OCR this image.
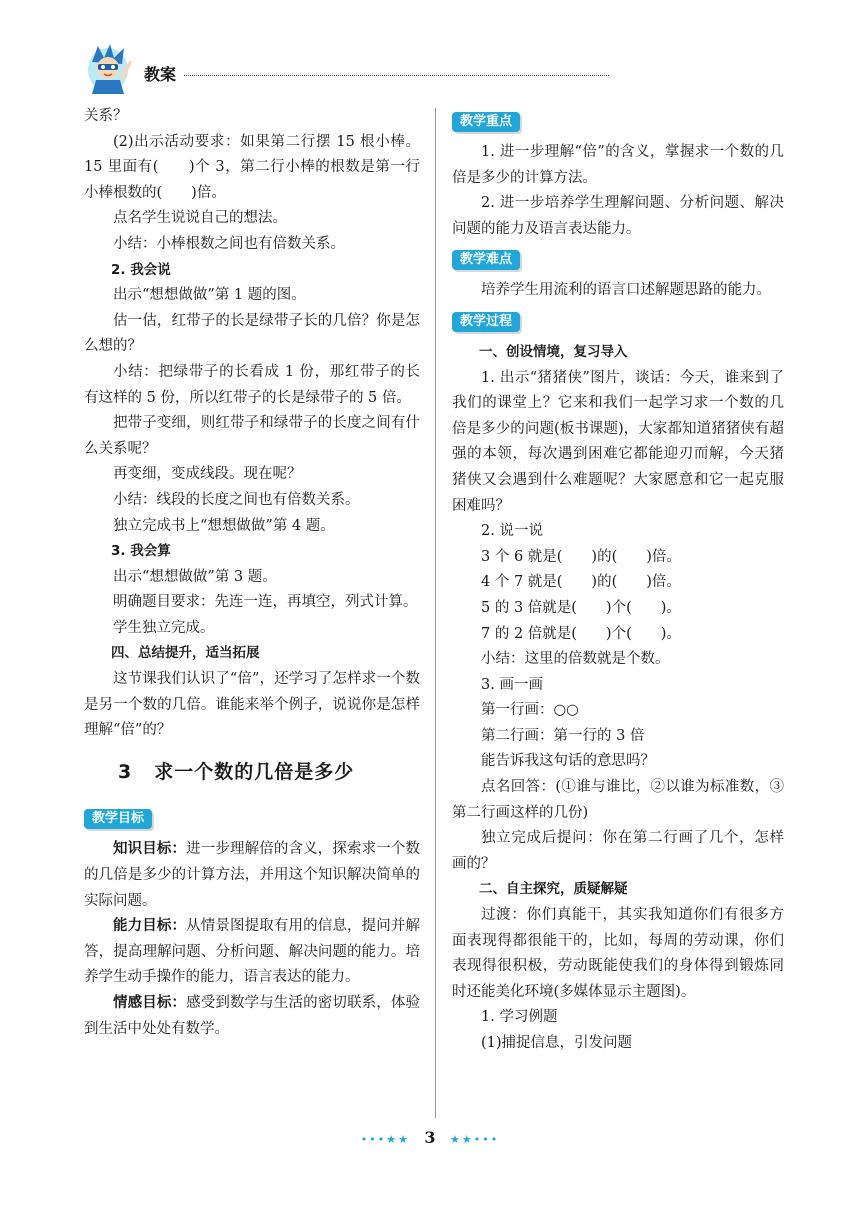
教案

关系？

(2)出示活动要求：如果第二行摆 15 根小棒。15 里面有(　　)个 3，第二行小棒的根数是第一行小棒根数的(　　)倍。

点名学生说说自己的想法。

小结：小棒根数之间也有倍数关系。

2. 我会说

出示“想想做做”第 1 题的图。

估一估，红带子的长是绿带子长的几倍？你是怎么想的？

小结：把绿带子的长看成 1 份，那红带子的长有这样的 5 份，所以红带子的长是绿带子的 5 倍。

把带子变细，则红带子和绿带子的长度之间有什么关系呢？

再变细，变成线段。现在呢？

小结：线段的长度之间也有倍数关系。

独立完成书上“想想做做”第 4 题。

3. 我会算

出示“想想做做”第 3 题。

明确题目要求：先连一连，再填空，列式计算。

学生独立完成。

四、总结提升，适当拓展

这节课我们认识了“倍”，还学习了怎样求一个数是另一个数的几倍。谁能来举个例子，说说你是怎样理解“倍”的？

3 求一个数的几倍是多少
教学目标

知识目标：进一步理解倍的含义，探索求一个数的几倍是多少的计算方法，并用这个知识解决简单的实际问题。

能力目标：从情景图提取有用的信息，提问并解答，提高理解问题、分析问题、解决问题的能力。培养学生动手操作的能力，语言表达的能力。

情感目标：感受到数学与生活的密切联系，体验到生活中处处有数学。

教学重点

1. 进一步理解“倍”的含义，掌握求一个数的几倍是多少的计算方法。

2. 进一步培养学生理解问题、分析问题、解决问题的能力及语言表达能力。

教学难点

培养学生用流利的语言口述解题思路的能力。

教学过程

一、创设情境，复习导入

1. 出示“猪猪侠”图片，谈话：今天，谁来到了我们的课堂上？它来和我们一起学习求一个数的几倍是多少的问题(板书课题)，大家都知道猪猪侠有超强的本领，每次遇到困难它都能迎刃而解，今天猪猪侠又会遇到什么难题呢？大家愿意和它一起克服困难吗？

2. 说一说

3 个 6 就是(　　)的(　　)倍。

4 个 7 就是(　　)的(　　)倍。

5 的 3 倍就是(　　)个(　　)。

7 的 2 倍就是(　　)个(　　)。

小结：这里的倍数就是个数。

3. 画一画

第一行画：○○

第二行画：第一行的 3 倍

能告诉我这句话的意思吗？

点名回答：(①谁与谁比，②以谁为标准数，③第二行画这样的几份)

独立完成后提问：你在第二行画了几个，怎样画的？

二、自主探究，质疑解疑

过渡：你们真能干，其实我知道你们有很多方面表现得都很能干的，比如，每周的劳动课，你们表现得很积极，劳动既能使我们的身体得到锻炼同时还能美化环境(多媒体显示主题图)。

1. 学习例题

(1)捕捉信息，引发问题

•••★★ 3 ★★•••
